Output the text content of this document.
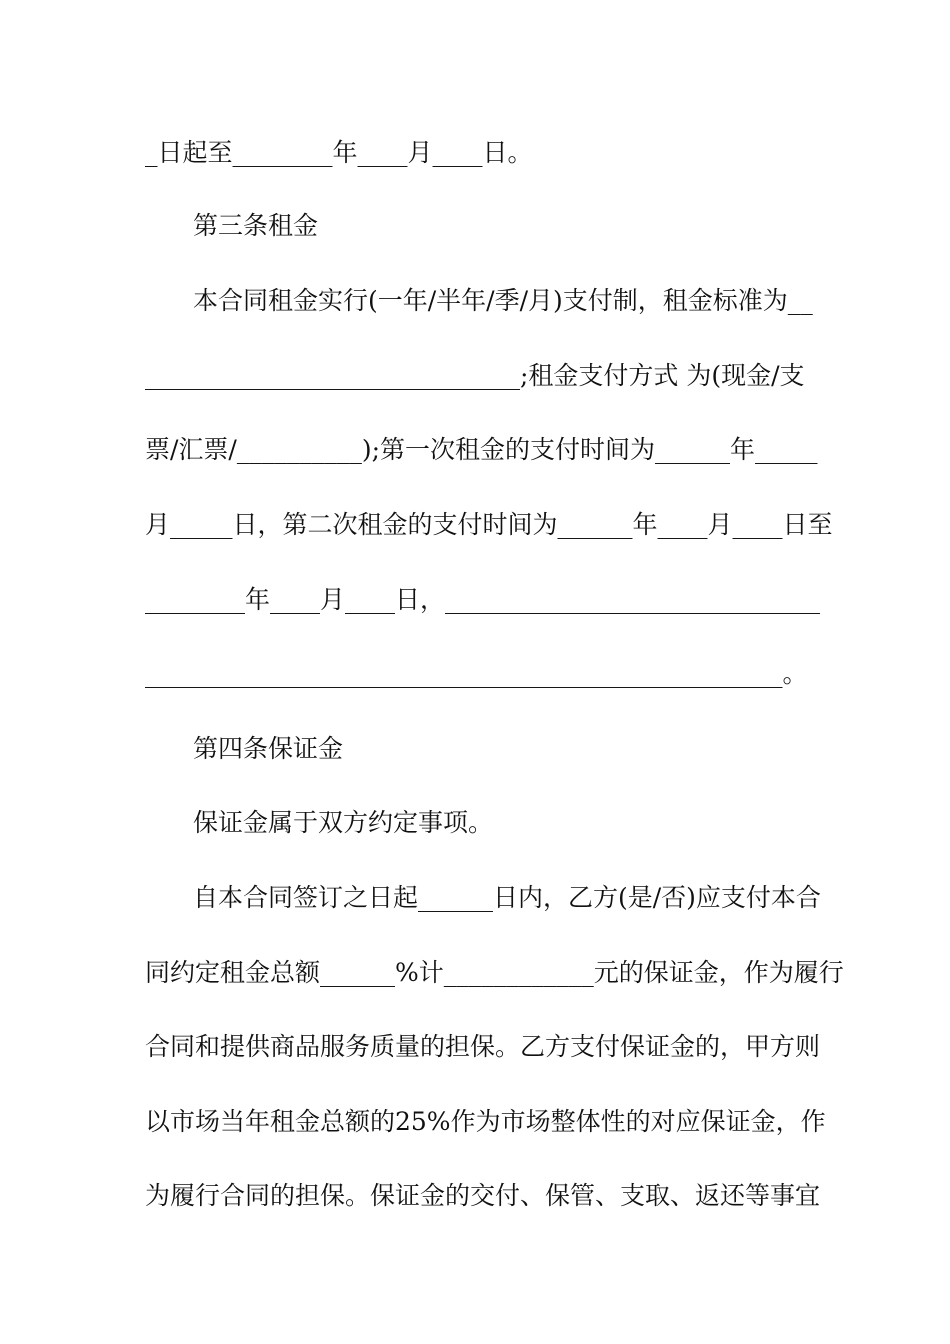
_日起至________年____月____日。
第三条租金
本合同租金实行(一年/半年/季/月)支付制，租金标准为__
______________________________;租金支付方式 为(现金/支
票/汇票/__________);第一次租金的支付时间为______年_____
月_____日，第二次租金的支付时间为______年____月____日至
________年____月____日，______________________________
___________________________________________________。
第四条保证金
保证金属于双方约定事项。
自本合同签订之日起______日内，乙方(是/否)应支付本合
同约定租金总额______%计____________元的保证金，作为履行
合同和提供商品服务质量的担保。乙方支付保证金的，甲方则
以市场当年租金总额的25%作为市场整体性的对应保证金，作
为履行合同的担保。保证金的交付、保管、支取、返还等事宜
